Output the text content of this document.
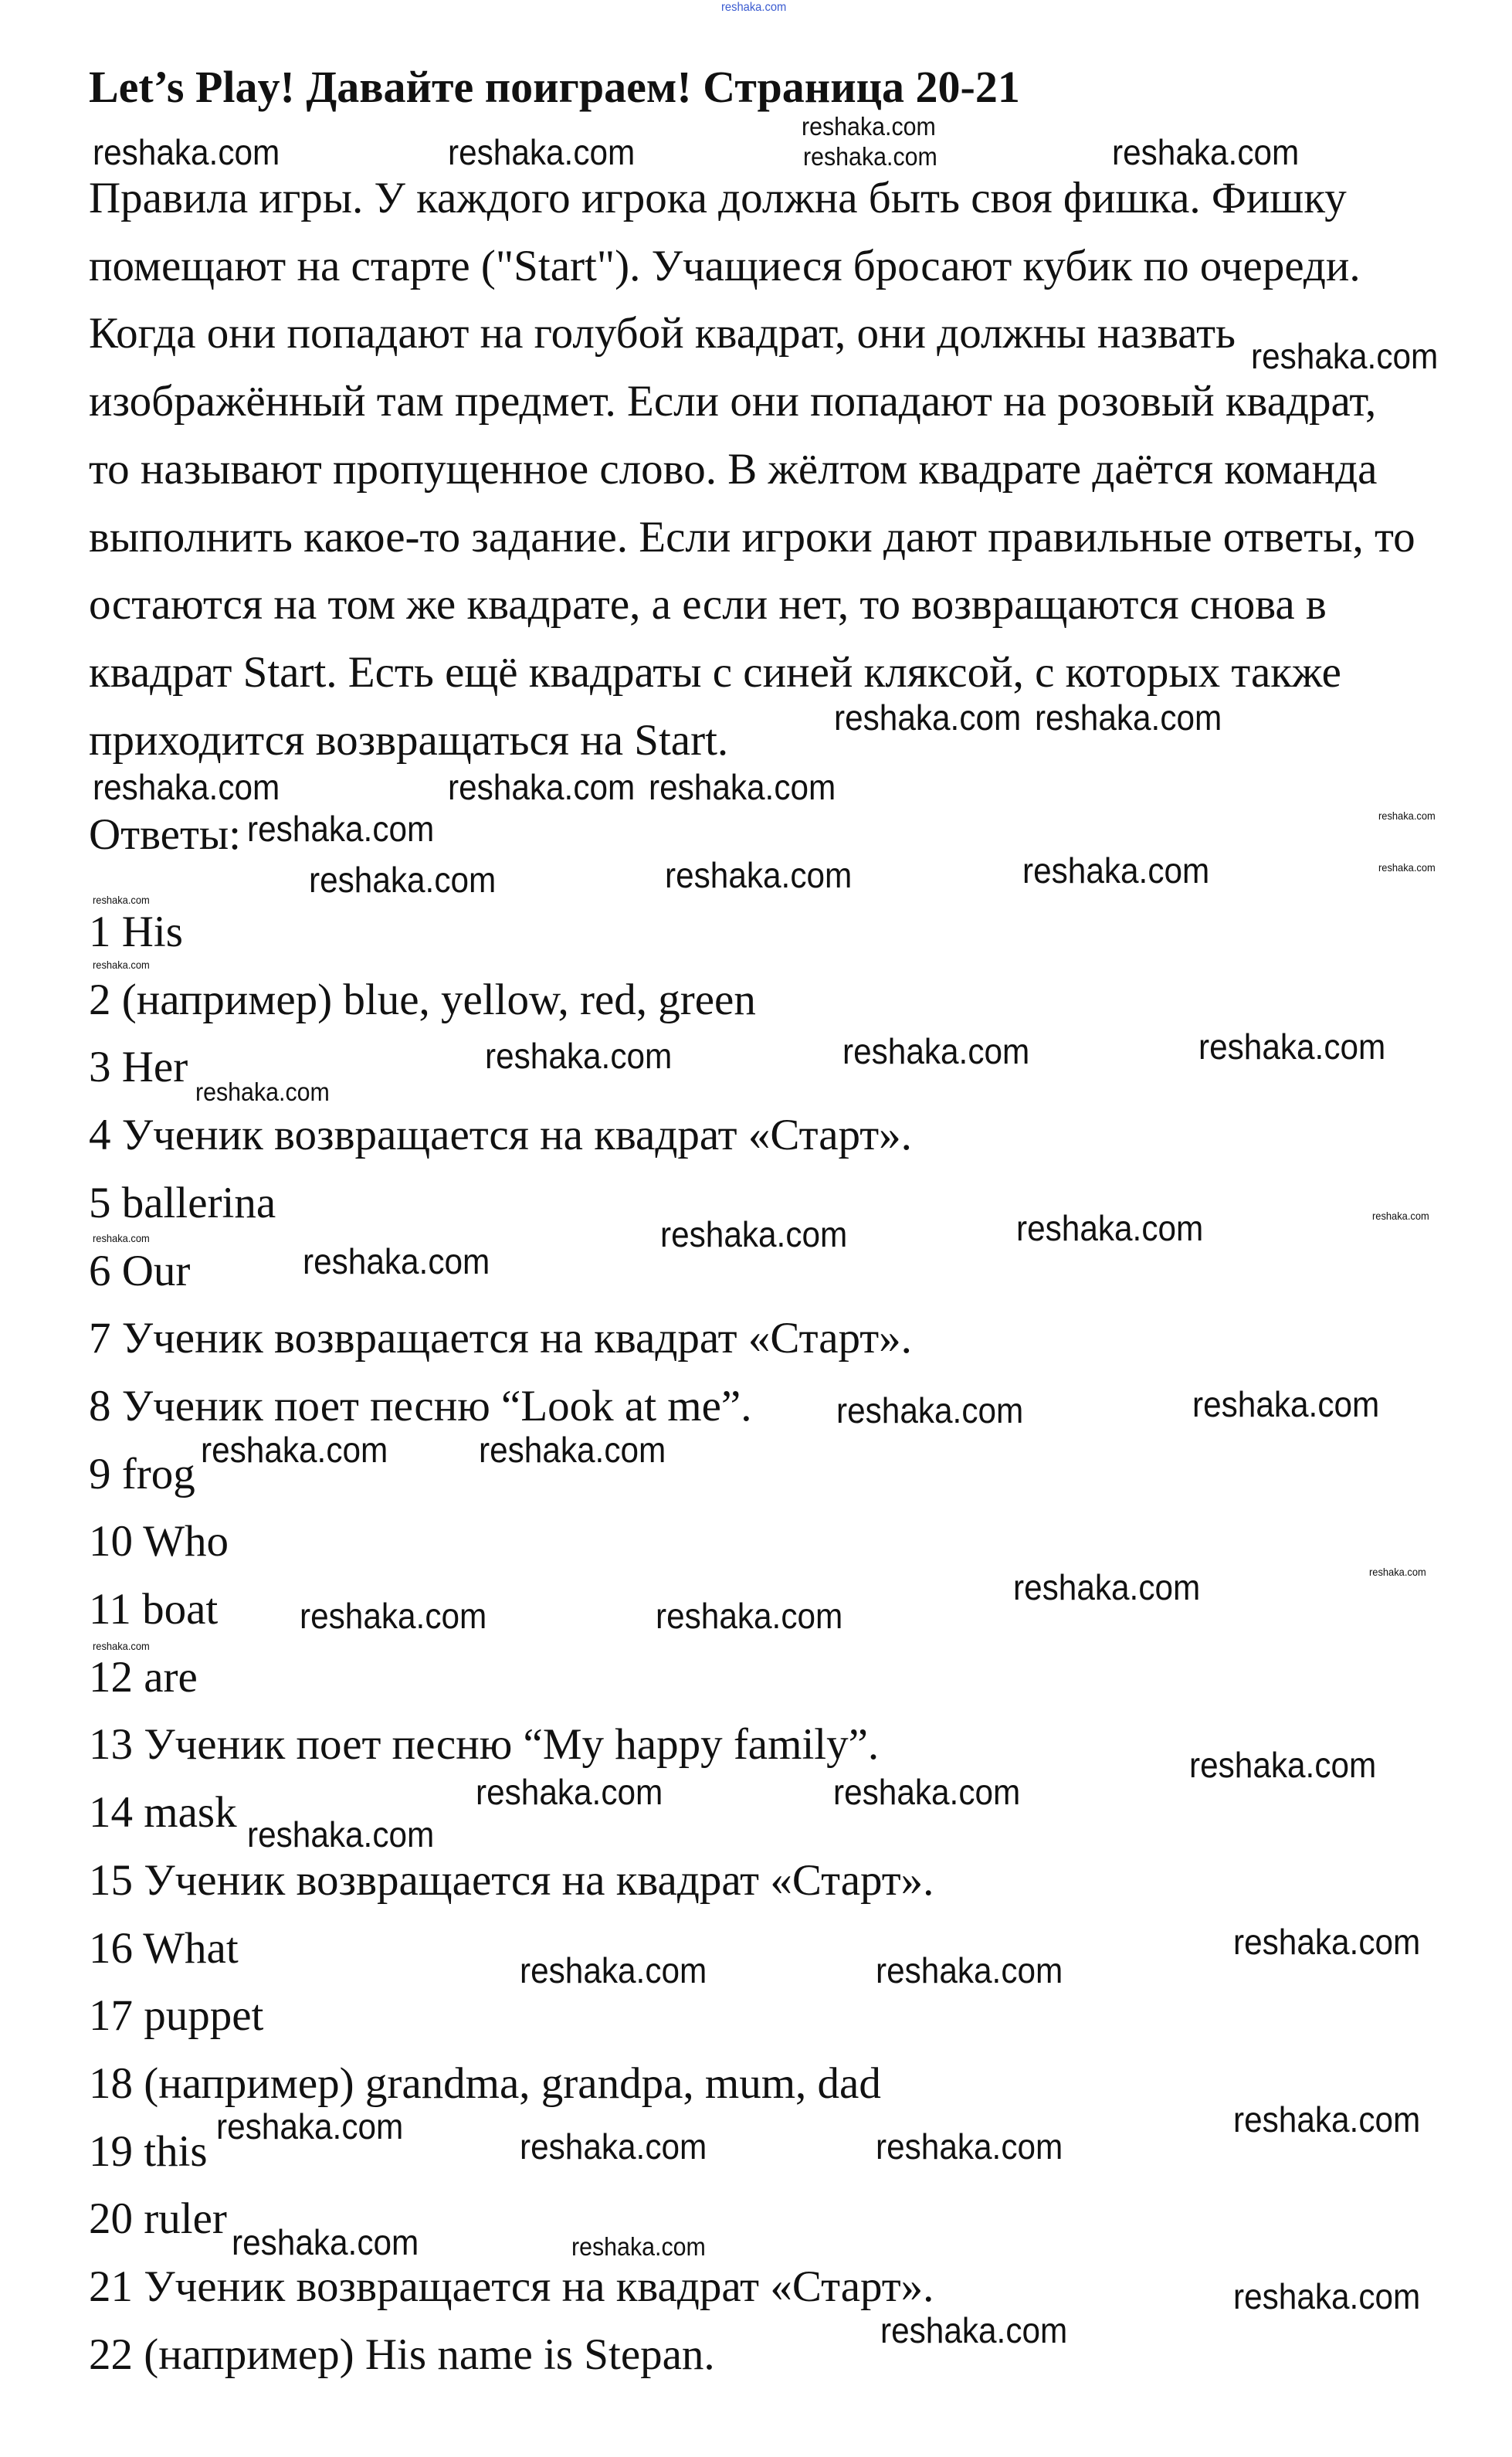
Let’s Play! Давайте поиграем! Страница 20-21
Правила игры. У каждого игрока должна быть своя фишка. Фишку
помещают на старте ("Start"). Учащиеся бросают кубик по очереди.
Когда они попадают на голубой квадрат, они должны назвать
изображённый там предмет. Если они попадают на розовый квадрат,
то называют пропущенное слово. В жёлтом квадрате даётся команда
выполнить какое-то задание. Если игроки дают правильные ответы, то
остаются на том же квадрате, а если нет, то возвращаются снова в
квадрат Start. Есть ещё квадраты с синей кляксой, с которых также
приходится возвращаться на Start.
Ответы:
1 His
2 (например) blue, yellow, red, green
3 Her
4 Ученик возвращается на квадрат «Старт».
5 ballerina
6 Our
7 Ученик возвращается на квадрат «Старт».
8 Ученик поет песню “Look at me”.
9 frog
10 Who
11 boat
12 are
13 Ученик поет песню “My happy family”.
14 mask
15 Ученик возвращается на квадрат «Старт».
16 What
17 puppet
18 (например) grandma, grandpa, mum, dad
19 this
20 ruler
21 Ученик возвращается на квадрат «Старт».
22 (например) His name is Stepan.
reshaka.com
reshaka.com
reshaka.com
reshaka.com	reshaka.com	reshaka.com
reshaka.com
reshaka.com
reshaka.com
reshaka.com	reshaka.com
reshaka.com
reshaka.com	reshaka.com
reshaka.com
reshaka.com	reshaka.com	reshaka.com
reshaka.com
reshaka.com
reshaka.com	reshaka.com	reshaka.com
reshaka.com
reshaka.com
reshaka.com	reshaka.com
reshaka.com
reshaka.com
reshaka.com	reshaka.com
reshaka.com	reshaka.com
reshaka.com	reshaka.com
reshaka.com	reshaka.com
reshaka.com
reshaka.com
reshaka.com	reshaka.com
reshaka.com
reshaka.com
reshaka.com	reshaka.com
reshaka.com	reshaka.com
reshaka.com	reshaka.com
reshaka.com
reshaka.com
reshaka.com
reshaka.com
